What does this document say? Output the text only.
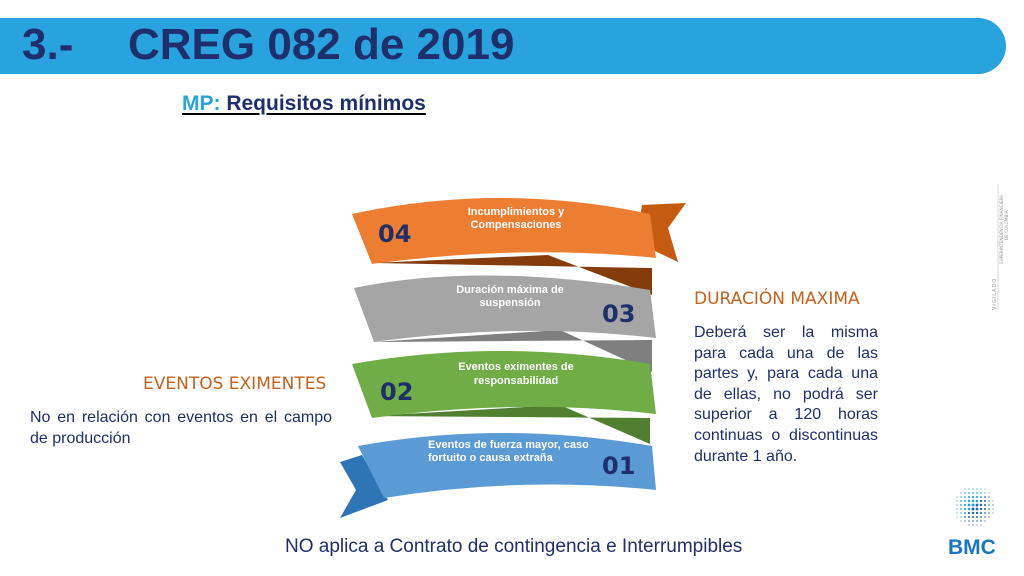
3.- CREG 082 de 2019
MP: Requisitos mínimos
EVENTOS EXIMENTES
No en relación con eventos en el campo de producción
DURACIÓN MAXIMA
Deberá ser la misma para cada una de las partes y, para cada una de ellas, no podrá ser superior a 120 horas continuas o discontinuas durante 1 año.
04
03
02
01
Incumplimientos y
Compensaciones
Duración máxima de
suspensión
Eventos eximentes de
responsabilidad
Eventos de fuerza mayor, caso
fortuito o causa extraña
VIGILADO
SUPERINTENDENCIA FINANCIERA DE COLOMBIA
NO aplica a Contrato de contingencia e Interrumpibles	BMC
